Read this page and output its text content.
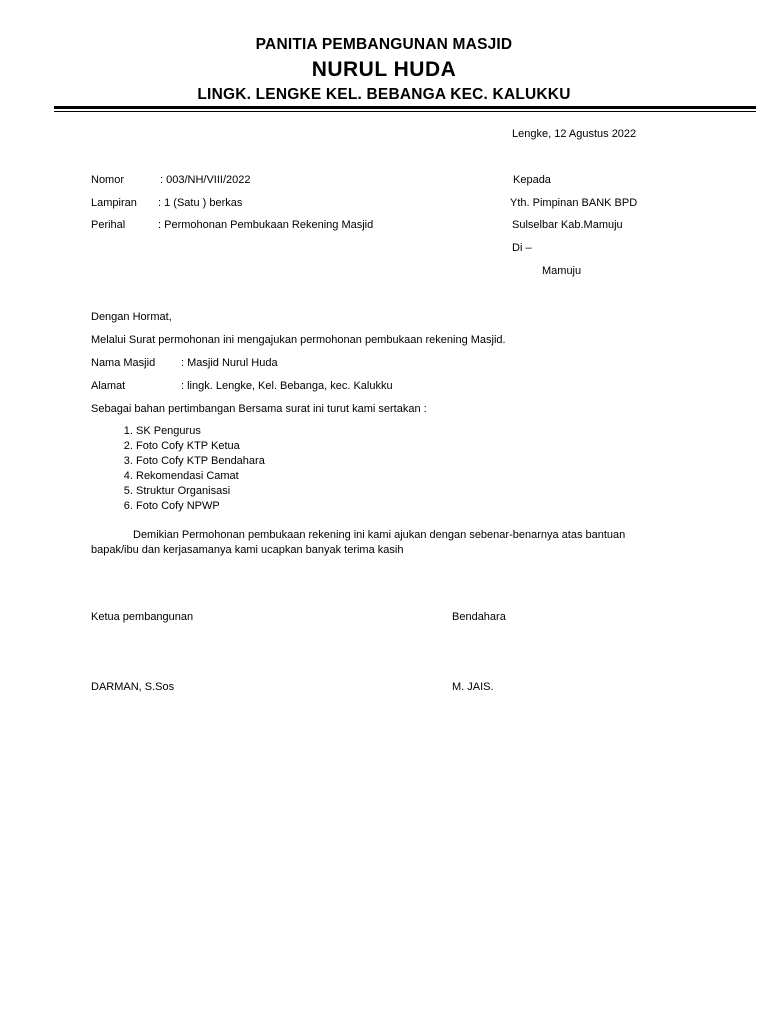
PANITIA PEMBANGUNAN MASJID
NURUL HUDA
LINGK. LENGKE KEL. BEBANGA KEC. KALUKKU
Lengke, 12 Agustus 2022
Nomor	: 003/NH/VIII/2022
Lampiran : 1 (Satu ) berkas
Perihal	: Permohonan Pembukaan Rekening Masjid
Kepada
Yth. Pimpinan BANK BPD
Sulselbar Kab.Mamuju
Di –
Mamuju
Dengan Hormat,
Melalui Surat permohonan ini mengajukan permohonan pembukaan rekening Masjid.
Nama Masjid : Masjid Nurul Huda
Alamat	: lingk. Lengke, Kel. Bebanga, kec. Kalukku
Sebagai bahan pertimbangan Bersama surat ini turut kami sertakan :
1. SK Pengurus
2. Foto Cofy KTP Ketua
3. Foto Cofy KTP Bendahara
4. Rekomendasi Camat
5. Struktur Organisasi
6. Foto Cofy NPWP
Demikian Permohonan pembukaan rekening ini kami ajukan dengan sebenar-benarnya atas bantuan bapak/ibu dan kerjasamanya kami ucapkan banyak terima kasih
Ketua pembangunan	Bendahara
DARMAN, S.Sos	M. JAIS.
